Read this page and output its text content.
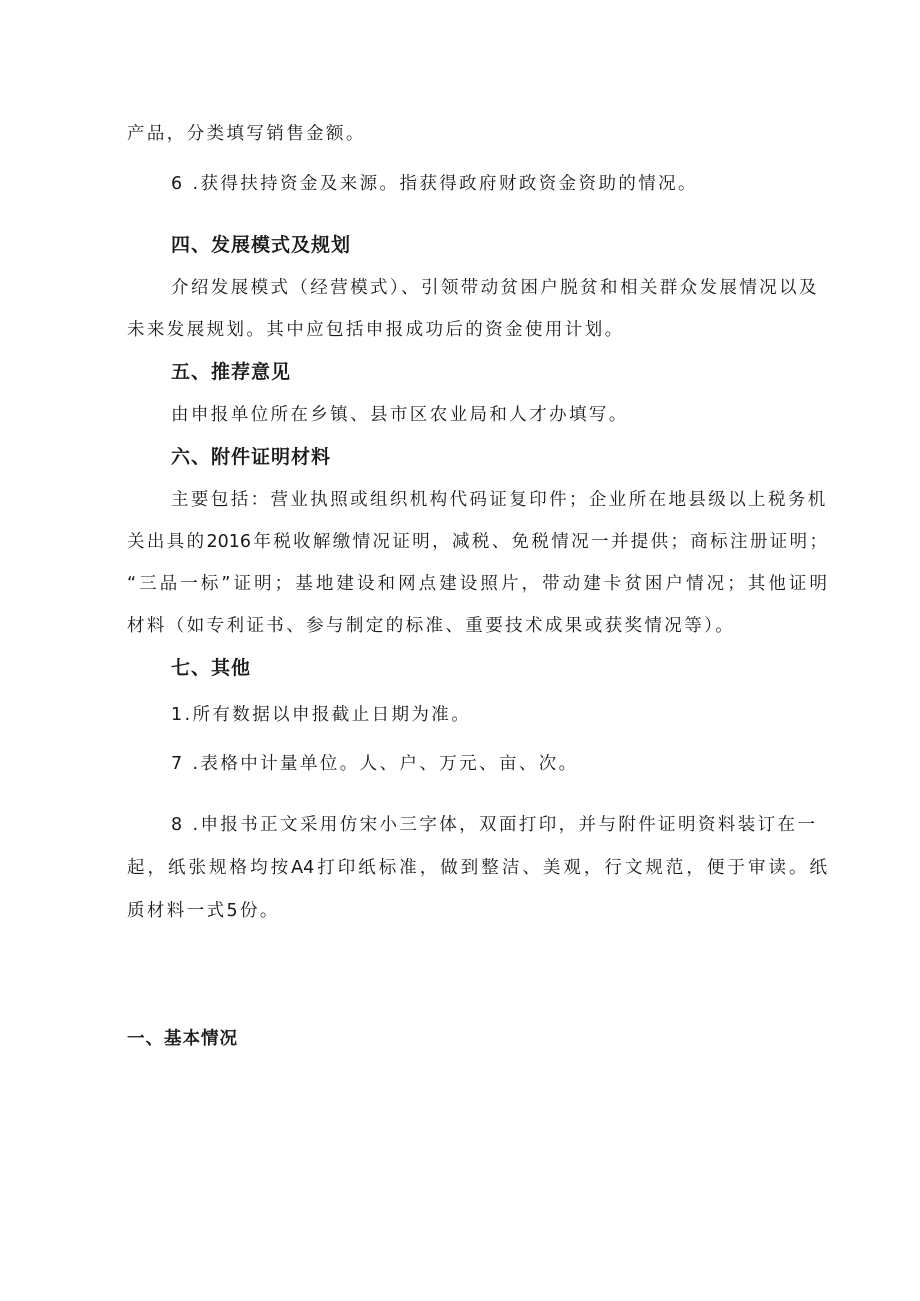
产品，分类填写销售金额。
6 .获得扶持资金及来源。指获得政府财政资金资助的情况。
四、发展模式及规划
介绍发展模式（经营模式）、引领带动贫困户脱贫和相关群众发展情况以及
未来发展规划。其中应包括申报成功后的资金使用计划。
五、推荐意见
由申报单位所在乡镇、县市区农业局和人才办填写。
六、附件证明材料
主要包括：营业执照或组织机构代码证复印件；企业所在地县级以上税务机
关出具的2016年税收解缴情况证明，减税、免税情况一并提供；商标注册证明；
“三品一标”证明；基地建设和网点建设照片，带动建卡贫困户情况；其他证明
材料（如专利证书、参与制定的标准、重要技术成果或获奖情况等）。
七、其他
1.所有数据以申报截止日期为准。
7 .表格中计量单位。人、户、万元、亩、次。
8 .申报书正文采用仿宋小三字体，双面打印，并与附件证明资料装订在一
起，纸张规格均按A4打印纸标准，做到整洁、美观，行文规范，便于审读。纸
质材料一式5份。
一、基本情况
